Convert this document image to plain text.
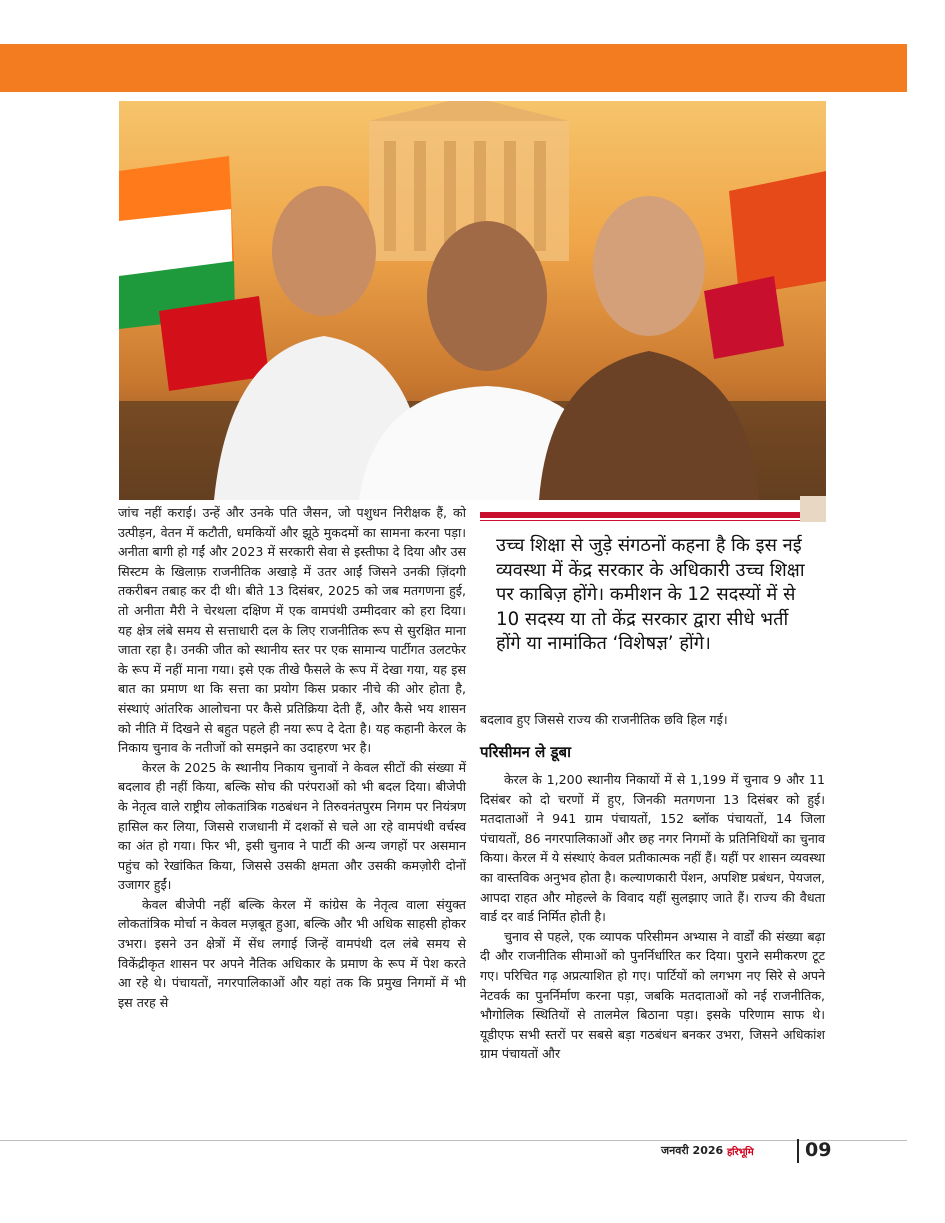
जांच नहीं कराई। उन्हें और उनके पति जैसन, जो पशुधन निरीक्षक हैं, को उत्पीड़न, वेतन में कटौती, धमकियों और झूठे मुकदमों का सामना करना पड़ा। अनीता बागी हो गईं और 2023 में सरकारी सेवा से इस्तीफा दे दिया और उस सिस्टम के खिलाफ़ राजनीतिक अखाड़े में उतर आईं जिसने उनकी ज़िंदगी तकरीबन तबाह कर दी थी। बीते 13 दिसंबर, 2025 को जब मतगणना हुई, तो अनीता मैरी ने चेरथला दक्षिण में एक वामपंथी उम्मीदवार को हरा दिया। यह क्षेत्र लंबे समय से सत्ताधारी दल के लिए राजनीतिक रूप से सुरक्षित माना जाता रहा है। उनकी जीत को स्थानीय स्तर पर एक सामान्य पार्टीगत उलटफेर के रूप में नहीं माना गया। इसे एक तीखे फैसले के रूप में देखा गया, यह इस बात का प्रमाण था कि सत्ता का प्रयोग किस प्रकार नीचे की ओर होता है, संस्थाएं आंतरिक आलोचना पर कैसे प्रतिक्रिया देती हैं, और कैसे भय शासन को नीति में दिखने से बहुत पहले ही नया रूप दे देता है। यह कहानी केरल के निकाय चुनाव के नतीजों को समझने का उदाहरण भर है।

केरल के 2025 के स्थानीय निकाय चुनावों ने केवल सीटों की संख्या में बदलाव ही नहीं किया, बल्कि सोच की परंपराओं को भी बदल दिया। बीजेपी के नेतृत्व वाले राष्ट्रीय लोकतांत्रिक गठबंधन ने तिरुवनंतपुरम निगम पर नियंत्रण हासिल कर लिया, जिससे राजधानी में दशकों से चले आ रहे वामपंथी वर्चस्व का अंत हो गया। फिर भी, इसी चुनाव ने पार्टी की अन्य जगहों पर असमान पहुंच को रेखांकित किया, जिससे उसकी क्षमता और उसकी कमज़ोरी दोनों उजागर हुईं।

केवल बीजेपी नहीं बल्कि केरल में कांग्रेस के नेतृत्व वाला संयुक्त लोकतांत्रिक मोर्चा न केवल मज़बूत हुआ, बल्कि और भी अधिक साहसी होकर उभरा। इसने उन क्षेत्रों में सेंध लगाई जिन्हें वामपंथी दल लंबे समय से विकेंद्रीकृत शासन पर अपने नैतिक अधिकार के प्रमाण के रूप में पेश करते आ रहे थे। पंचायतों, नगरपालिकाओं और यहां तक कि प्रमुख निगमों में भी इस तरह से

उच्च शिक्षा से जुड़े संगठनों कहना है कि इस नई व्यवस्था में केंद्र सरकार के अधिकारी उच्च शिक्षा पर काबिज़ होंगे। कमीशन के 12 सदस्यों में से 10 सदस्य या तो केंद्र सरकार द्वारा सीधे भर्ती होंगे या नामांकित ‘विशेषज्ञ’ होंगे।
बदलाव हुए जिससे राज्य की राजनीतिक छवि हिल गई।
परिसीमन ले डूबा

केरल के 1,200 स्थानीय निकायों में से 1,199 में चुनाव 9 और 11 दिसंबर को दो चरणों में हुए, जिनकी मतगणना 13 दिसंबर को हुई। मतदाताओं ने 941 ग्राम पंचायतों, 152 ब्लॉक पंचायतों, 14 जिला पंचायतों, 86 नगरपालिकाओं और छह नगर निगमों के प्रतिनिधियों का चुनाव किया। केरल में ये संस्थाएं केवल प्रतीकात्मक नहीं हैं। यहीं पर शासन व्यवस्था का वास्तविक अनुभव होता है। कल्याणकारी पेंशन, अपशिष्ट प्रबंधन, पेयजल, आपदा राहत और मोहल्ले के विवाद यहीं सुलझाए जाते हैं। राज्य की वैधता वार्ड दर वार्ड निर्मित होती है।

चुनाव से पहले, एक व्यापक परिसीमन अभ्यास ने वार्डों की संख्या बढ़ा दी और राजनीतिक सीमाओं को पुनर्निर्धारित कर दिया। पुराने समीकरण टूट गए। परिचित गढ़ अप्रत्याशित हो गए। पार्टियों को लगभग नए सिरे से अपने नेटवर्क का पुनर्निर्माण करना पड़ा, जबकि मतदाताओं को नई राजनीतिक, भौगोलिक स्थितियों से तालमेल बिठाना पड़ा। इसके परिणाम साफ थे। यूडीएफ सभी स्तरों पर सबसे बड़ा गठबंधन बनकर उभरा, जिसने अधिकांश ग्राम पंचायतों और

जनवरी 2026 हरिभूमि	09
